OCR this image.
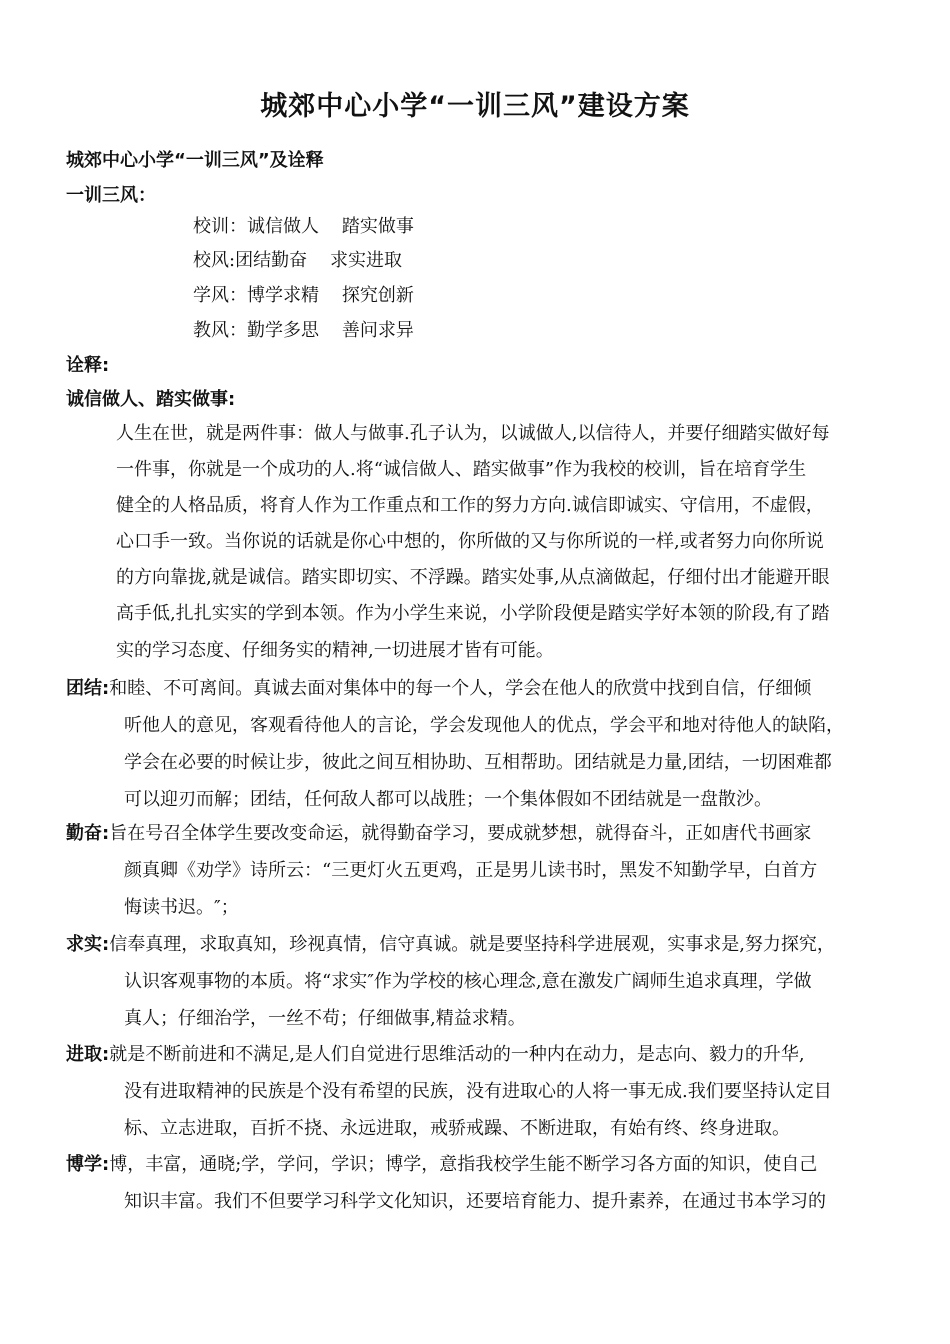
城郊中心小学“一训三风”建设方案
城郊中心小学“一训三风”及诠释
一训三风：
校训：诚信做人    踏实做事
校风:团结勤奋    求实进取
学风：博学求精    探究创新
教风：勤学多思    善问求异
诠释:
诚信做人、踏实做事:
人生在世，就是两件事：做人与做事.孔子认为，以诚做人,以信待人，并要仔细踏实做好每
一件事，你就是一个成功的人.将“诚信做人、踏实做事”作为我校的校训，旨在培育学生
健全的人格品质，将育人作为工作重点和工作的努力方向.诚信即诚实、守信用，不虚假，
心口手一致。当你说的话就是你心中想的，你所做的又与你所说的一样,或者努力向你所说
的方向靠拢,就是诚信。踏实即切实、不浮躁。踏实处事,从点滴做起，仔细付出才能避开眼
高手低,扎扎实实的学到本领。作为小学生来说，小学阶段便是踏实学好本领的阶段,有了踏
实的学习态度、仔细务实的精神,一切进展才皆有可能。
团结:和睦、不可离间。真诚去面对集体中的每一个人，学会在他人的欣赏中找到自信，仔细倾
听他人的意见，客观看待他人的言论，学会发现他人的优点，学会平和地对待他人的缺陷，
学会在必要的时候让步，彼此之间互相协助、互相帮助。团结就是力量,团结，一切困难都
可以迎刃而解；团结，任何敌人都可以战胜；一个集体假如不团结就是一盘散沙。
勤奋:旨在号召全体学生要改变命运，就得勤奋学习，要成就梦想，就得奋斗，正如唐代书画家
颜真卿《劝学》诗所云：“三更灯火五更鸡，正是男儿读书时，黑发不知勤学早，白首方
悔读书迟。″；
求实:信奉真理，求取真知，珍视真情，信守真诚。就是要坚持科学进展观，实事求是,努力探究，
认识客观事物的本质。将“求实″作为学校的核心理念,意在激发广阔师生追求真理，学做
真人；仔细治学，一丝不苟；仔细做事,精益求精。
进取:就是不断前进和不满足,是人们自觉进行思维活动的一种内在动力，是志向、毅力的升华,
没有进取精神的民族是个没有希望的民族，没有进取心的人将一事无成.我们要坚持认定目
标、立志进取，百折不挠、永远进取，戒骄戒躁、不断进取，有始有终、终身进取。
博学:博，丰富，通晓;学，学问，学识；博学，意指我校学生能不断学习各方面的知识，使自己
知识丰富。我们不但要学习科学文化知识，还要培育能力、提升素养，在通过书本学习的
